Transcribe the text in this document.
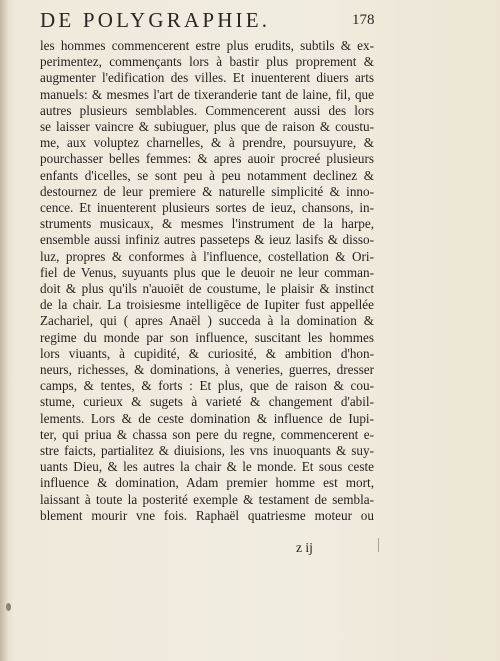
DE POLYGRAPHIE.	178
les hommes commencerent estre plus erudits, subtils & ex-
perimentez, commençants lors à bastir plus proprement &
augmenter l'edification des villes. Et inuenterent diuers arts
manuels: & mesmes l'art de tixeranderie tant de laine, fil, que
autres plusieurs semblables. Commencerent aussi des lors
se laisser vaincre & subiuguer, plus que de raison & coustu-
me, aux voluptez charnelles, & à prendre, poursuyure, &
pourchasser belles femmes: & apres auoir procreé plusieurs
enfants d'icelles, se sont peu à peu notamment declinez &
destournez de leur premiere & naturelle simplicité & inno-
cence. Et inuenterent plusieurs sortes de ieuz, chansons, in-
struments musicaux, & mesmes l'instrument de la harpe,
ensemble aussi infiniz autres passeteps & ieuz lasifs & disso-
luz, propres & conformes à l'influence, costellation & Ori-
fiel de Venus, suyuants plus que le deuoir ne leur comman-
doit & plus qu'ils n'auoiēt de coustume, le plaisir & instinct
de la chair. La troisiesme intelligēce de Iupiter fust appellée
Zachariel, qui ( apres Anaël ) succeda à la domination &
regime du monde par son influence, suscitant les hommes
lors viuants, à cupidité, & curiosité, & ambition d'hon-
neurs, richesses, & dominations, à veneries, guerres, dresser
camps, & tentes, & forts : Et plus, que de raison & cou-
stume, curieux & sugets à varieté & changement d'abil-
lements. Lors & de ceste domination & influence de Iupi-
ter, qui priua & chassa son pere du regne, commencerent e-
stre faicts, partialitez & diuisions, les vns inuoquants & suy-
uants Dieu, & les autres la chair & le monde. Et sous ceste
influence & domination, Adam premier homme est mort,
laissant à toute la posterité exemple & testament de sembla-
blement mourir vne fois. Raphaël quatriesme moteur ou
z ij
